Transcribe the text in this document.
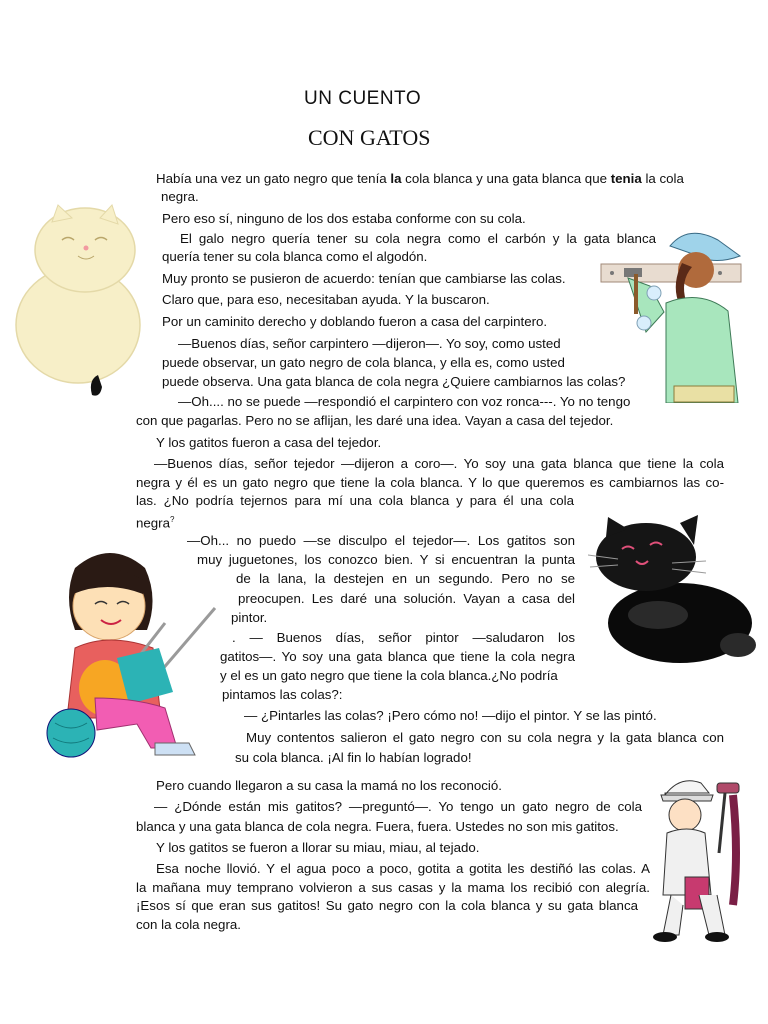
UN CUENTO
CON GATOS
Había una vez un gato negro que tenía la cola blanca y una gata blanca que tenia la cola
negra.
Pero eso sí, ninguno de los dos estaba conforme con su cola.
El galo negro quería tener su cola negra como el carbón y la gata blanca
quería tener su cola blanca como el algodón.
Muy pronto se pusieron de acuerdo: tenían que cambiarse las colas.
Claro que, para eso, necesitaban ayuda. Y la buscaron.
Por un caminito derecho y doblando fueron a casa del carpintero.
—Buenos días, señor carpintero —dijeron—. Yo soy, como usted
puede observar, un gato negro de cola blanca, y ella es, como usted
puede observa. Una gata blanca de cola negra ¿Quiere cambiarnos las colas?
—Oh.... no se puede —respondió el carpintero con voz ronca---. Yo no tengo
con que pagarlas. Pero no se aflijan, les daré una idea. Vayan a casa del tejedor.
Y los gatitos fueron a casa del tejedor.
—Buenos días, señor tejedor —dijeron a coro—. Yo soy una gata blanca que tiene la cola
negra y él es un gato negro que tiene la cola blanca. Y lo que queremos es cambiarnos las co-
las. ¿No podría tejernos para mí una cola blanca y para él una cola
negra?
—Oh... no puedo —se disculpo el tejedor—. Los gatitos son
muy juguetones, los conozco bien. Y si encuentran la punta
de la lana, la destejen en un segundo. Pero no se
preocupen. Les daré una solución. Vayan a casa del
pintor.
. — Buenos días, señor pintor —saludaron los
gatitos—. Yo soy una gata blanca que tiene la cola negra
y el es un gato negro que tiene la cola blanca.¿No podría
pintamos las colas?:
— ¿Pintarles las colas? ¡Pero cómo no! —dijo el pintor. Y se las pintó.
Muy contentos salieron el gato negro con su cola negra y la gata blanca con
su cola blanca. ¡Al fin lo habían logrado!
Pero cuando llegaron a su casa la mamá no los reconoció.
— ¿Dónde están mis gatitos? —preguntó—. Yo tengo un gato negro de cola
blanca y una gata blanca de cola negra. Fuera, fuera. Ustedes no son mis gatitos.
Y los gatitos se fueron a llorar su miau, miau, al tejado.
Esa noche llovió. Y el agua poco a poco, gotita a gotita les destiñó las colas. A
la mañana muy temprano volvieron a sus casas y la mama los recibió con alegría.
¡Esos sí que eran sus gatitos! Su gato negro con la cola blanca y su gata blanca
con la cola negra.
